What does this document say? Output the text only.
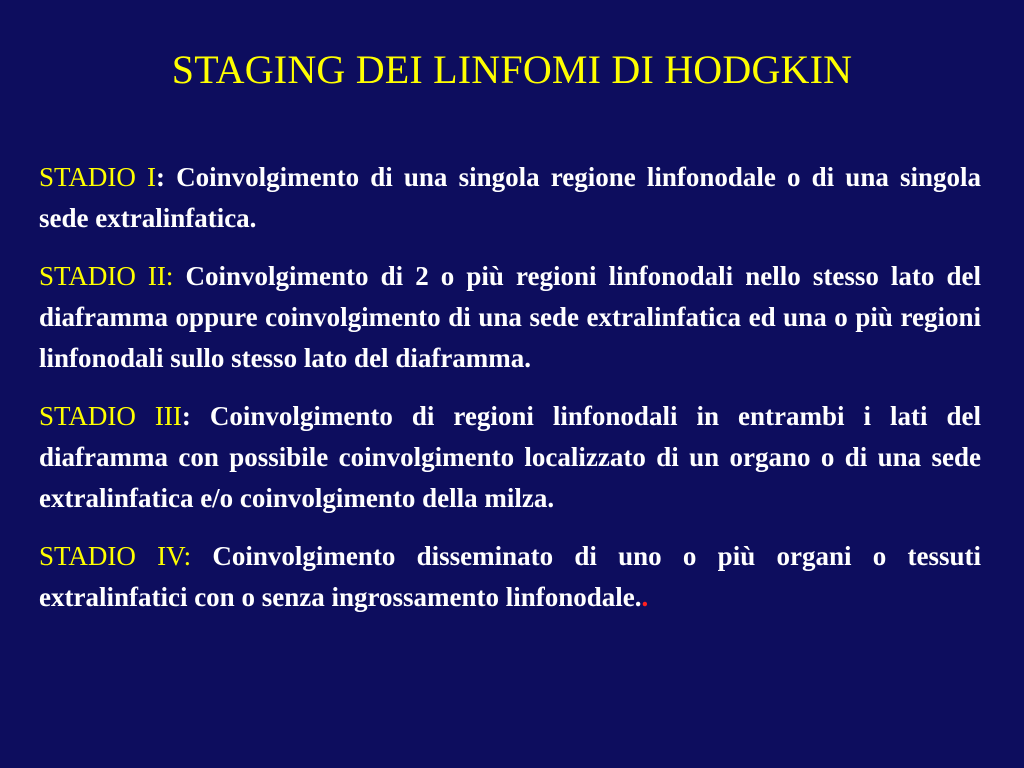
STAGING DEI LINFOMI DI HODGKIN

STADIO I: Coinvolgimento di una singola regione linfonodale o di una singola sede extralinfatica.

STADIO II: Coinvolgimento di 2 o più regioni linfonodali nello stesso lato del diaframma oppure coinvolgimento di una sede extralinfatica ed una o più regioni linfonodali sullo stesso lato del diaframma.

STADIO III: Coinvolgimento di regioni linfonodali in entrambi i lati del diaframma con possibile coinvolgimento localizzato di un organo o di una sede extralinfatica e/o coinvolgimento della milza.

STADIO IV: Coinvolgimento disseminato di uno o più organi o tessuti extralinfatici con o senza ingrossamento linfonodale..
